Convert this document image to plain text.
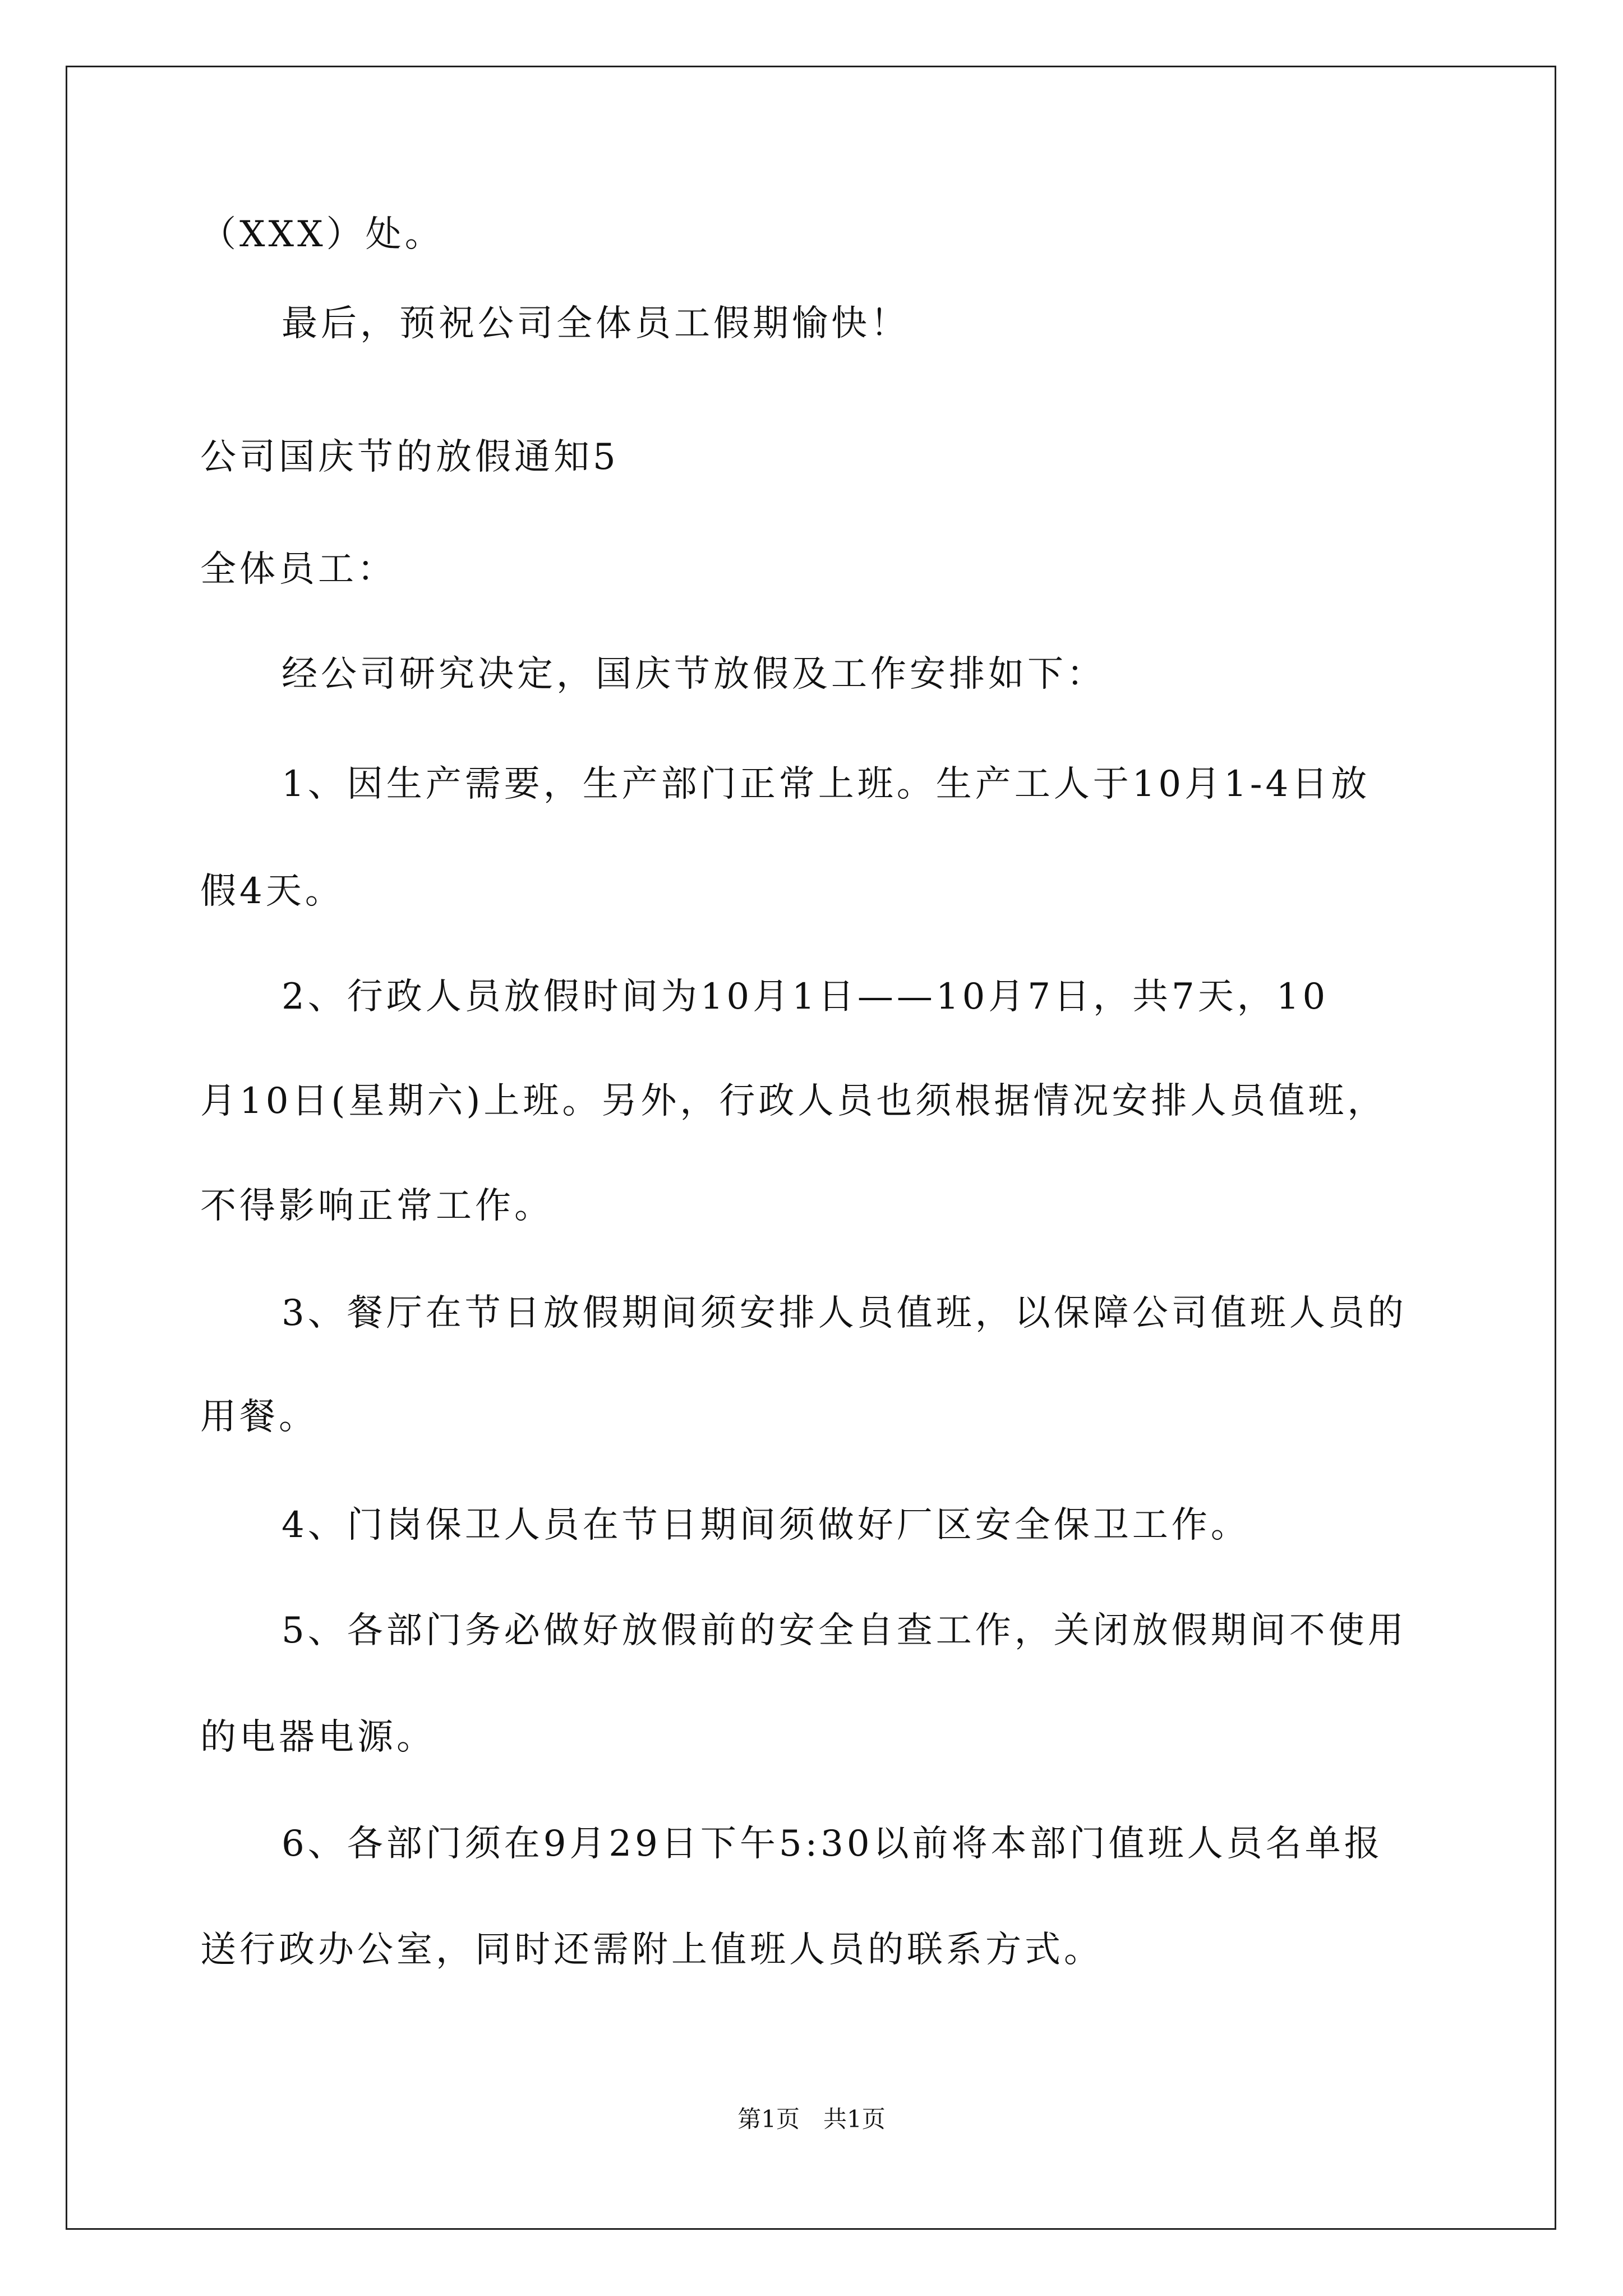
（XXX）处。
最后，预祝公司全体员工假期愉快！
公司国庆节的放假通知5
全体员工：
经公司研究决定，国庆节放假及工作安排如下：
1、因生产需要，生产部门正常上班。生产工人于10月1-4日放
假4天。
2、行政人员放假时间为10月1日——10月7日，共7天，10
月10日(星期六)上班。另外，行政人员也须根据情况安排人员值班，
不得影响正常工作。
3、餐厅在节日放假期间须安排人员值班，以保障公司值班人员的
用餐。
4、门岗保卫人员在节日期间须做好厂区安全保卫工作。
5、各部门务必做好放假前的安全自查工作，关闭放假期间不使用
的电器电源。
6、各部门须在9月29日下午5:30以前将本部门值班人员名单报
送行政办公室，同时还需附上值班人员的联系方式。
第1页　共1页
